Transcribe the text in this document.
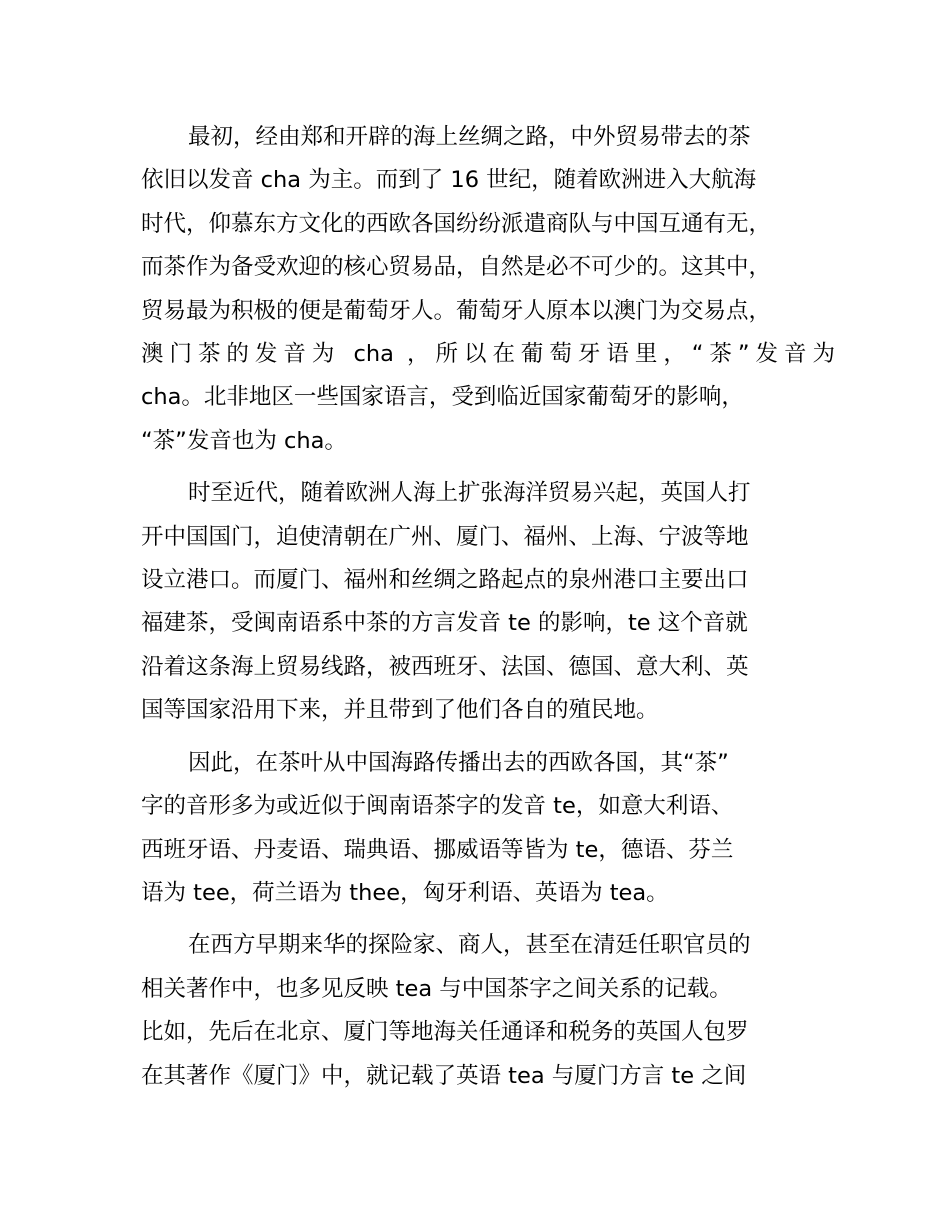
最初，经由郑和开辟的海上丝绸之路，中外贸易带去的茶
依旧以发音 cha 为主。而到了 16 世纪，随着欧洲进入大航海
时代，仰慕东方文化的西欧各国纷纷派遣商队与中国互通有无，
而茶作为备受欢迎的核心贸易品，自然是必不可少的。这其中，
贸易最为积极的便是葡萄牙人。葡萄牙人原本以澳门为交易点，
澳门茶的发音为 cha ，所以在葡萄牙语里，“茶”发音为
cha。北非地区一些国家语言，受到临近国家葡萄牙的影响，
“茶”发音也为 cha。

时至近代，随着欧洲人海上扩张海洋贸易兴起，英国人打
开中国国门，迫使清朝在广州、厦门、福州、上海、宁波等地
设立港口。而厦门、福州和丝绸之路起点的泉州港口主要出口
福建茶，受闽南语系中茶的方言发音 te 的影响，te 这个音就
沿着这条海上贸易线路，被西班牙、法国、德国、意大利、英
国等国家沿用下来，并且带到了他们各自的殖民地。

因此，在茶叶从中国海路传播出去的西欧各国，其“茶”
字的音形多为或近似于闽南语茶字的发音 te，如意大利语、
西班牙语、丹麦语、瑞典语、挪威语等皆为 te，德语、芬兰
语为 tee，荷兰语为 thee，匈牙利语、英语为 tea。

在西方早期来华的探险家、商人，甚至在清廷任职官员的
相关著作中，也多见反映 tea 与中国茶字之间关系的记载。
比如，先后在北京、厦门等地海关任通译和税务的英国人包罗
在其著作《厦门》中，就记载了英语 tea 与厦门方言 te 之间
